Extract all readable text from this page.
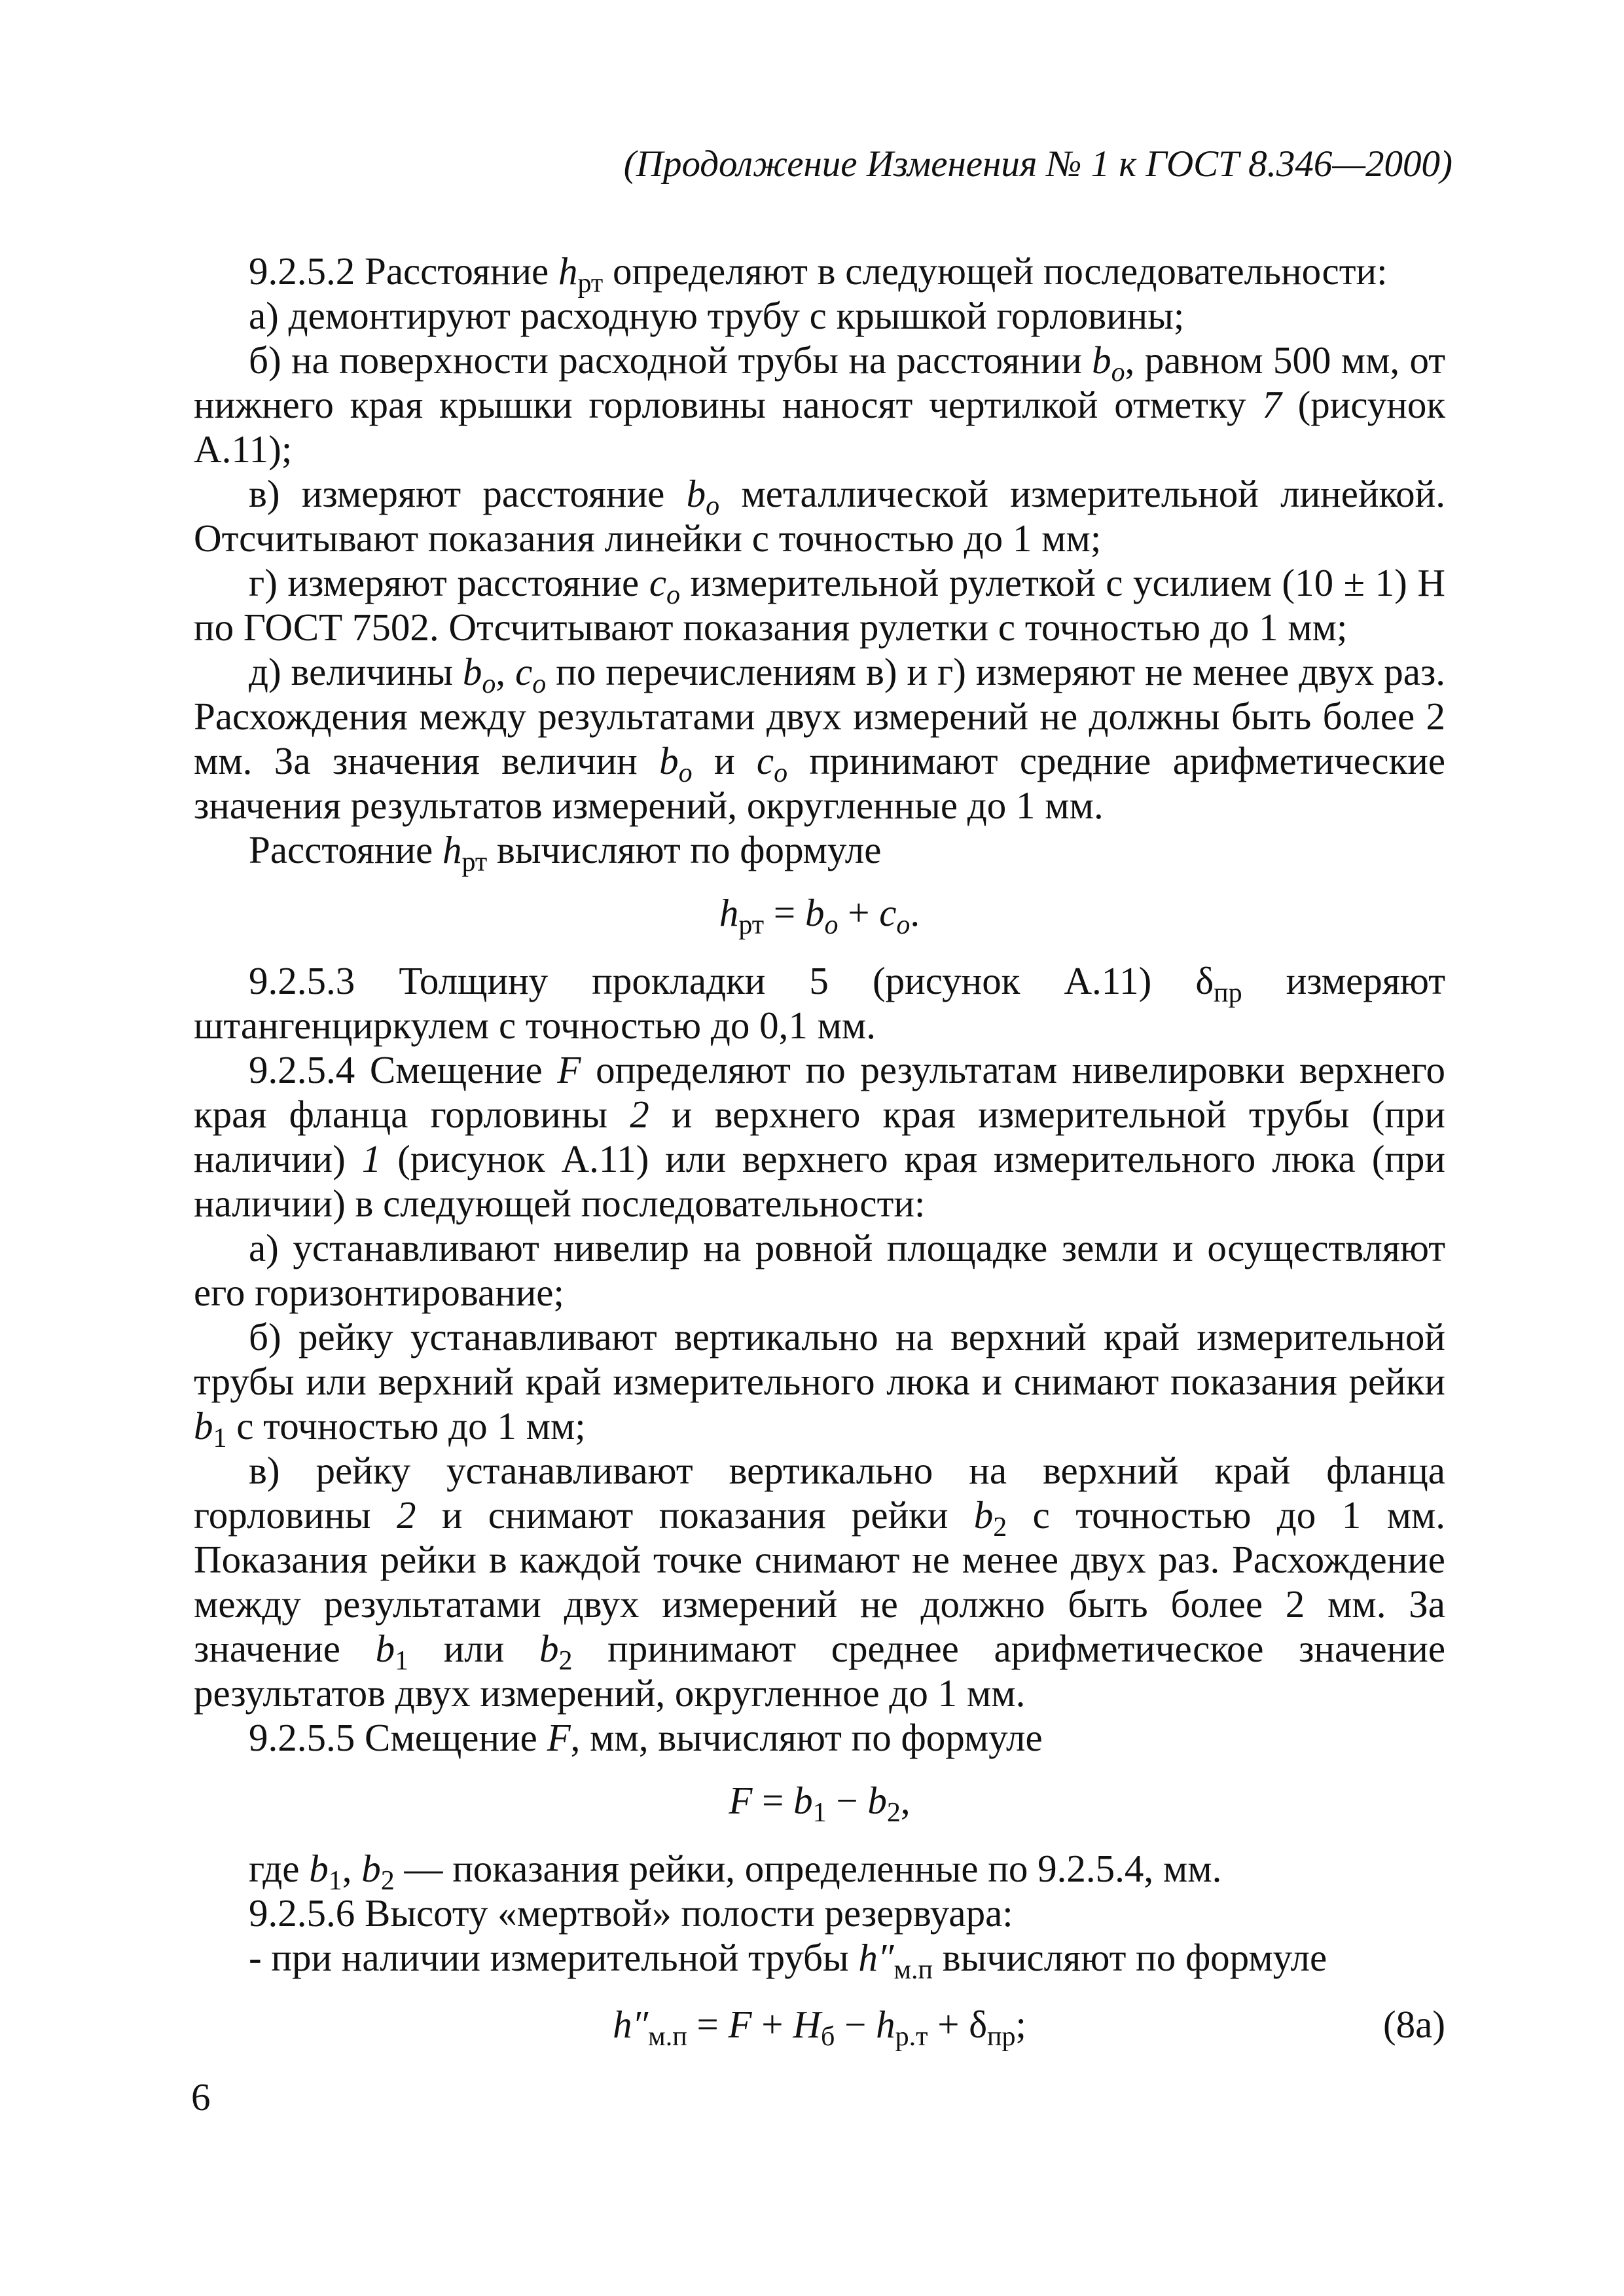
(Продолжение Изменения № 1 к ГОСТ 8.346—2000)

9.2.5.2 Расстояние $h_{рт}$ определяют в следующей последовательности:

а) демонтируют расходную трубу с крышкой горловины;

б) на поверхности расходной трубы на расстоянии $b_o$, равном 500 мм, от нижнего края крышки горловины наносят чертилкой отметку 7 (рисунок А.11);

в) измеряют расстояние $b_o$ металлической измерительной линейкой. Отсчитывают показания линейки с точностью до 1 мм;

г) измеряют расстояние $c_o$ измерительной рулеткой с усилием (10 ± 1) Н по ГОСТ 7502. Отсчитывают показания рулетки с точностью до 1 мм;

д) величины $b_o$, $c_o$ по перечислениям в) и г) измеряют не менее двух раз. Расхождения между результатами двух измерений не должны быть более 2 мм. За значения величин $b_o$ и $c_o$ принимают средние арифметические значения результатов измерений, округленные до 1 мм.

Расстояние $h_{рт}$ вычисляют по формуле

$h_{рт} = b_o + c_o$.

9.2.5.3 Толщину прокладки 5 (рисунок А.11) $\delta_{пр}$ измеряют штангенциркулем с точностью до 0,1 мм.

9.2.5.4 Смещение F определяют по результатам нивелировки верхнего края фланца горловины 2 и верхнего края измерительной трубы (при наличии) 1 (рисунок А.11) или верхнего края измерительного люка (при наличии) в следующей последовательности:

а) устанавливают нивелир на ровной площадке земли и осуществляют его горизонтирование;

б) рейку устанавливают вертикально на верхний край измерительной трубы или верхний край измерительного люка и снимают показания рейки $b_1$ с точностью до 1 мм;

в) рейку устанавливают вертикально на верхний край фланца горловины 2 и снимают показания рейки $b_2$ с точностью до 1 мм. Показания рейки в каждой точке снимают не менее двух раз. Расхождение между результатами двух измерений не должно быть более 2 мм. За значение $b_1$ или $b_2$ принимают среднее арифметическое значение результатов двух измерений, округленное до 1 мм.

9.2.5.5 Смещение F, мм, вычисляют по формуле

$F = b_1 - b_2$,

где $b_1$, $b_2$ — показания рейки, определенные по 9.2.5.4, мм.

9.2.5.6 Высоту «мертвой» полости резервуара:

- при наличии измерительной трубы $h''_{м.п}$ вычисляют по формуле

$h''_{м.п} = F + H_б - h_{р.т} + \delta_{пр}$;	(8а)
6
